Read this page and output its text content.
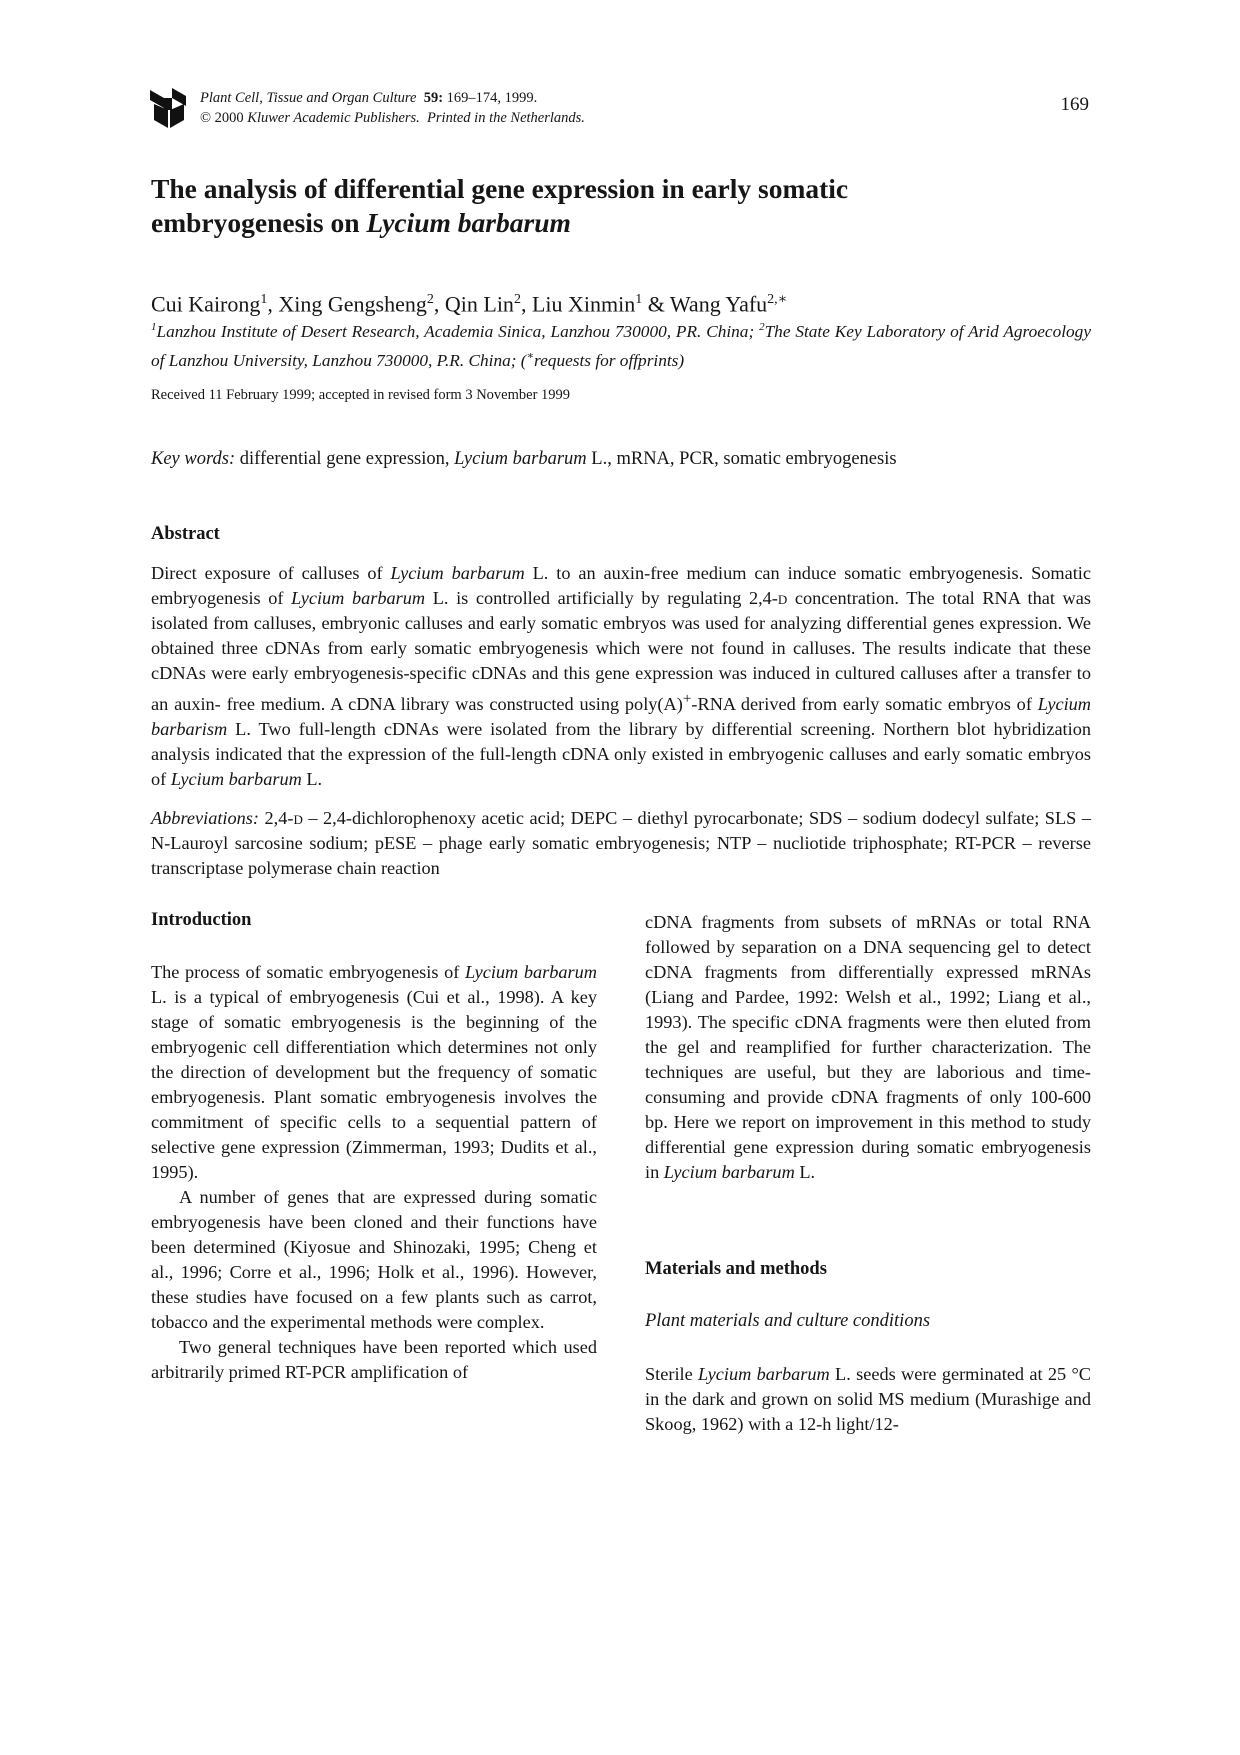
Plant Cell, Tissue and Organ Culture 59: 169–174, 1999.
© 2000 Kluwer Academic Publishers. Printed in the Netherlands.
169
The analysis of differential gene expression in early somatic
embryogenesis on Lycium barbarum
Cui Kairong$^1$, Xing Gengsheng$^2$, Qin Lin$^2$, Liu Xinmin$^1$ & Wang Yafu$^{2,∗}$
$^1$Lanzhou Institute of Desert Research, Academia Sinica, Lanzhou 730000, PR. China; $^2$The State Key Laboratory of Arid Agroecology of Lanzhou University, Lanzhou 730000, P.R. China; (∗requests for offprints)
Received 11 February 1999; accepted in revised form 3 November 1999
Key words: differential gene expression, Lycium barbarum L., mRNA, PCR, somatic embryogenesis
Abstract

Direct exposure of calluses of Lycium barbarum L. to an auxin-free medium can induce somatic embryogenesis. Somatic embryogenesis of Lycium barbarum L. is controlled artificially by regulating 2,4-d concentration. The total RNA that was isolated from calluses, embryonic calluses and early somatic embryos was used for analyzing differential genes expression. We obtained three cDNAs from early somatic embryogenesis which were not found in calluses. The results indicate that these cDNAs were early embryogenesis-specific cDNAs and this gene expression was induced in cultured calluses after a transfer to an auxin- free medium. A cDNA library was constructed using poly(A)+-RNA derived from early somatic embryos of Lycium barbarism L. Two full-length cDNAs were isolated from the library by differential screening. Northern blot hybridization analysis indicated that the expression of the full-length cDNA only existed in embryogenic calluses and early somatic embryos of Lycium barbarum L.

Abbreviations: 2,4-d – 2,4-dichlorophenoxy acetic acid; DEPC – diethyl pyrocarbonate; SDS – sodium dodecyl sulfate; SLS – N-Lauroyl sarcosine sodium; pESE – phage early somatic embryogenesis; NTP – nucliotide triphosphate; RT-PCR – reverse transcriptase polymerase chain reaction

Introduction

The process of somatic embryogenesis of Lycium barbarum L. is a typical of embryogenesis (Cui et al., 1998). A key stage of somatic embryogenesis is the beginning of the embryogenic cell differentiation which determines not only the direction of development but the frequency of somatic embryogenesis. Plant somatic embryogenesis involves the commitment of specific cells to a sequential pattern of selective gene expression (Zimmerman, 1993; Dudits et al., 1995).

A number of genes that are expressed during somatic embryogenesis have been cloned and their functions have been determined (Kiyosue and Shinozaki, 1995; Cheng et al., 1996; Corre et al., 1996; Holk et al., 1996). However, these studies have focused on a few plants such as carrot, tobacco and the experimental methods were complex.

Two general techniques have been reported which used arbitrarily primed RT-PCR amplification of

cDNA fragments from subsets of mRNAs or total RNA followed by separation on a DNA sequencing gel to detect cDNA fragments from differentially expressed mRNAs (Liang and Pardee, 1992: Welsh et al., 1992; Liang et al., 1993). The specific cDNA fragments were then eluted from the gel and reamplified for further characterization. The techniques are useful, but they are laborious and time-consuming and provide cDNA fragments of only 100-600 bp. Here we report on improvement in this method to study differential gene expression during somatic embryogenesis in Lycium barbarum L.

Materials and methods
Plant materials and culture conditions

Sterile Lycium barbarum L. seeds were germinated at 25 °C in the dark and grown on solid MS medium (Murashige and Skoog, 1962) with a 12-h light/12-
